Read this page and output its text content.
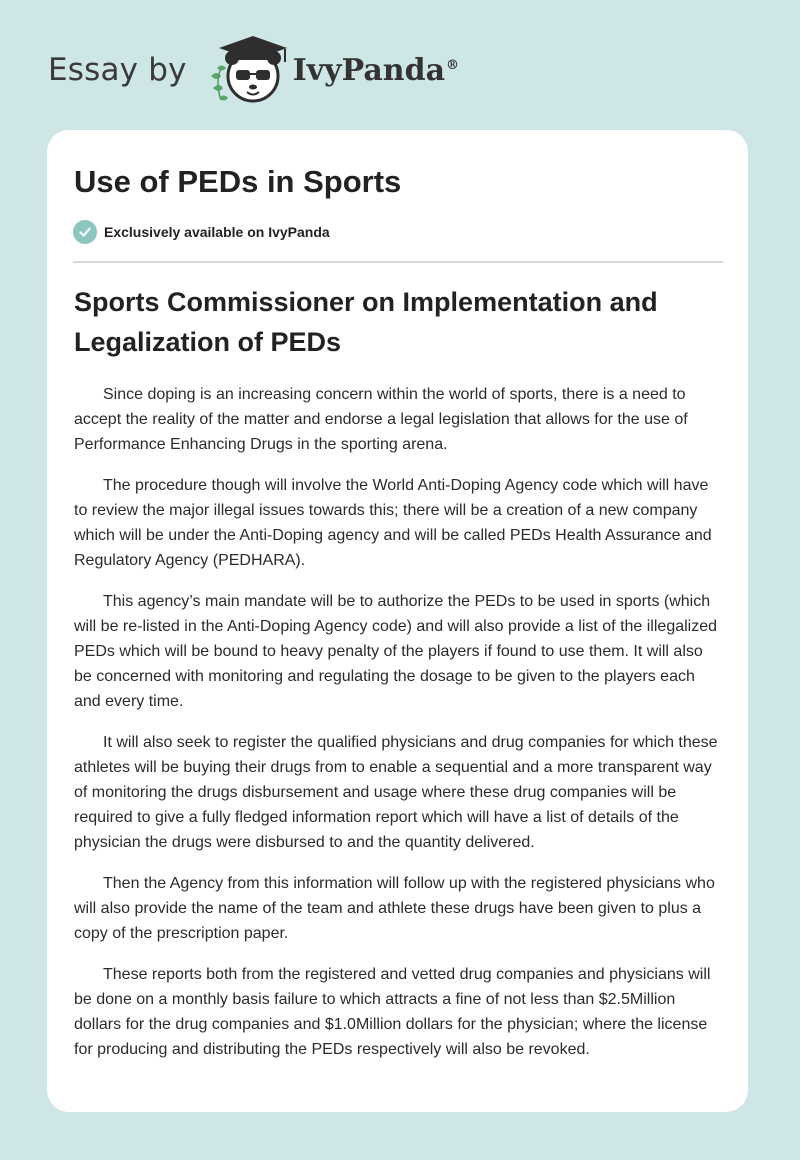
Essay by	IvyPanda®
Use of PEDs in Sports
Exclusively available on IvyPanda
Sports Commissioner on Implementation and Legalization of PEDs

Since doping is an increasing concern within the world of sports, there is a need to accept the reality of the matter and endorse a legal legislation that allows for the use of Performance Enhancing Drugs in the sporting arena.

The procedure though will involve the World Anti-Doping Agency code which will have to review the major illegal issues towards this; there will be a creation of a new company which will be under the Anti-Doping agency and will be called PEDs Health Assurance and Regulatory Agency (PEDHARA).

This agency’s main mandate will be to authorize the PEDs to be used in sports (which will be re-listed in the Anti-Doping Agency code) and will also provide a list of the illegalized PEDs which will be bound to heavy penalty of the players if found to use them. It will also be concerned with monitoring and regulating the dosage to be given to the players each and every time.

It will also seek to register the qualified physicians and drug companies for which these athletes will be buying their drugs from to enable a sequential and a more transparent way of monitoring the drugs disbursement and usage where these drug companies will be required to give a fully fledged information report which will have a list of details of the physician the drugs were disbursed to and the quantity delivered.

Then the Agency from this information will follow up with the registered physicians who will also provide the name of the team and athlete these drugs have been given to plus a copy of the prescription paper.

These reports both from the registered and vetted drug companies and physicians will be done on a monthly basis failure to which attracts a fine of not less than $2.5Million dollars for the drug companies and $1.0Million dollars for the physician; where the license for producing and distributing the PEDs respectively will also be revoked.
